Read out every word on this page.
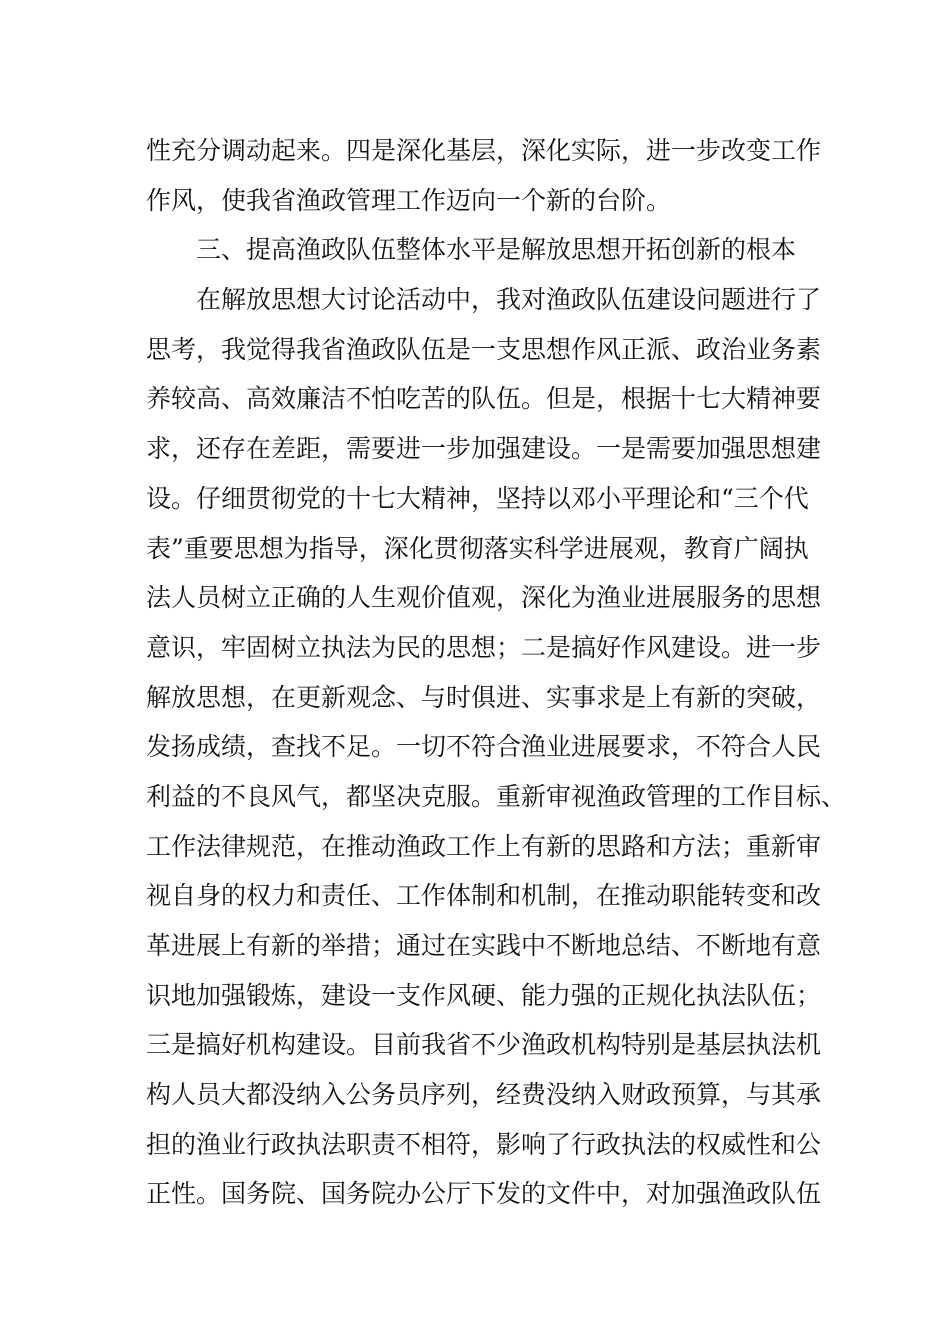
性充分调动起来。四是深化基层，深化实际，进一步改变工作
作风，使我省渔政管理工作迈向一个新的台阶。
三、提高渔政队伍整体水平是解放思想开拓创新的根本
在解放思想大讨论活动中，我对渔政队伍建设问题进行了
思考，我觉得我省渔政队伍是一支思想作风正派、政治业务素
养较高、高效廉洁不怕吃苦的队伍。但是，根据十七大精神要
求，还存在差距，需要进一步加强建设。一是需要加强思想建
设。仔细贯彻党的十七大精神，坚持以邓小平理论和“三个代
表”重要思想为指导，深化贯彻落实科学进展观，教育广阔执
法人员树立正确的人生观价值观，深化为渔业进展服务的思想
意识，牢固树立执法为民的思想；二是搞好作风建设。进一步
解放思想，在更新观念、与时俱进、实事求是上有新的突破，
发扬成绩，查找不足。一切不符合渔业进展要求，不符合人民
利益的不良风气，都坚决克服。重新审视渔政管理的工作目标、
工作法律规范，在推动渔政工作上有新的思路和方法；重新审
视自身的权力和责任、工作体制和机制，在推动职能转变和改
革进展上有新的举措；通过在实践中不断地总结、不断地有意
识地加强锻炼，建设一支作风硬、能力强的正规化执法队伍；
三是搞好机构建设。目前我省不少渔政机构特别是基层执法机
构人员大都没纳入公务员序列，经费没纳入财政预算，与其承
担的渔业行政执法职责不相符，影响了行政执法的权威性和公
正性。国务院、国务院办公厅下发的文件中，对加强渔政队伍
